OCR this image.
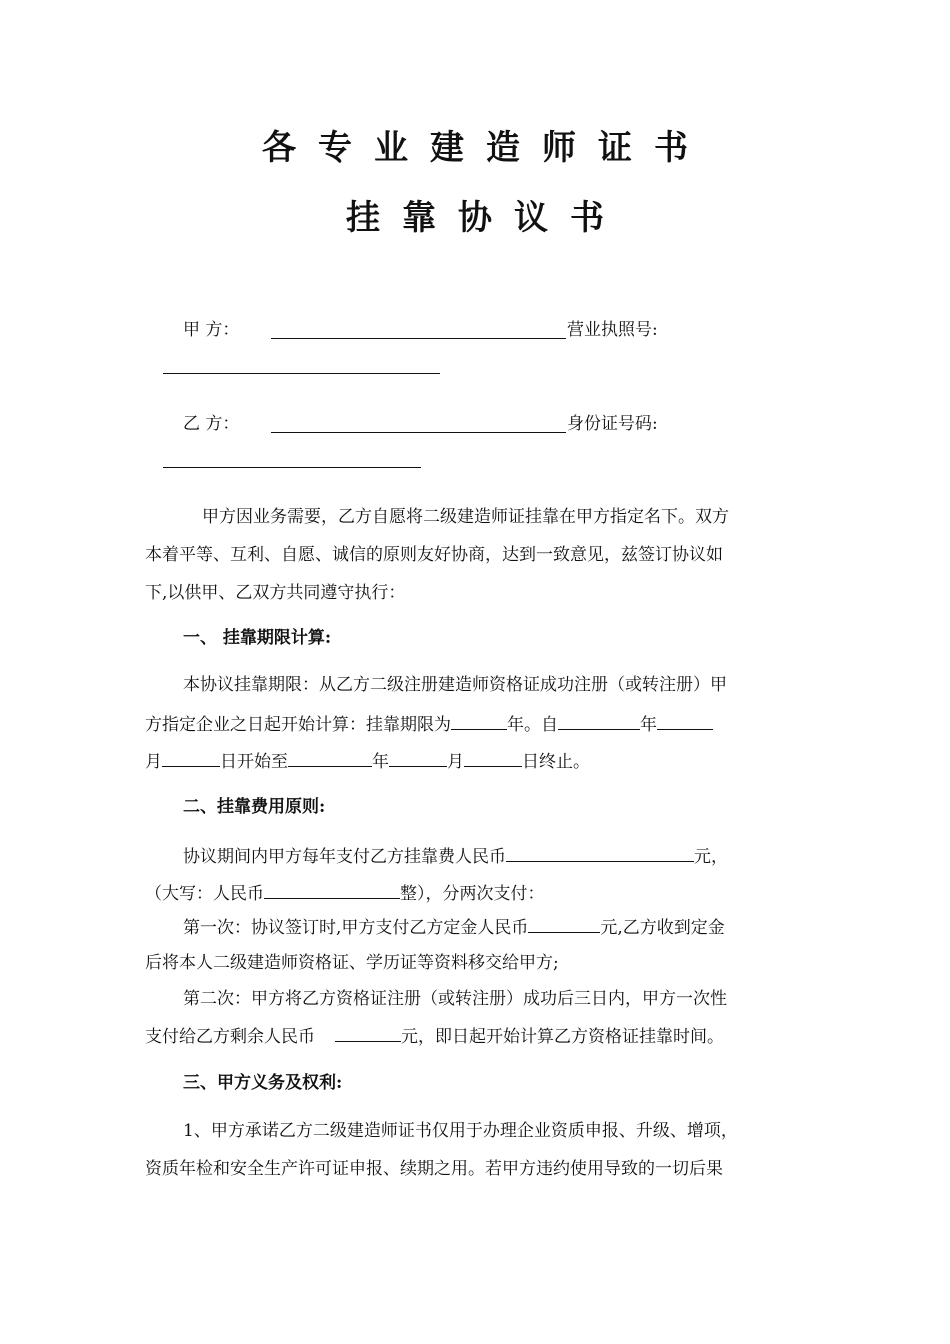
各专业建造师证书
挂靠协议书
甲 方：	营业执照号:
乙 方：	身份证号码:
甲方因业务需要，乙方自愿将二级建造师证挂靠在甲方指定名下。双方
本着平等、互利、自愿、诚信的原则友好协商，达到一致意见，兹签订协议如
下,以供甲、乙双方共同遵守执行：
一、 挂靠期限计算:
本协议挂靠期限：从乙方二级注册建造师资格证成功注册（或转注册）甲
方指定企业之日起开始计算：挂靠期限为	年。自	年
月	日开始至	年	月	日终止。
二、挂靠费用原则:
协议期间内甲方每年支付乙方挂靠费人民币	元，
（大写：人民币	整），分两次支付：
第一次：协议签订时,甲方支付乙方定金人民币	元,乙方收到定金
后将本人二级建造师资格证、学历证等资料移交给甲方;
第二次：甲方将乙方资格证注册（或转注册）成功后三日内，甲方一次性
支付给乙方剩余人民币	元，即日起开始计算乙方资格证挂靠时间。
三、甲方义务及权利:
1、甲方承诺乙方二级建造师证书仅用于办理企业资质申报、升级、增项，
资质年检和安全生产许可证申报、续期之用。若甲方违约使用导致的一切后果
